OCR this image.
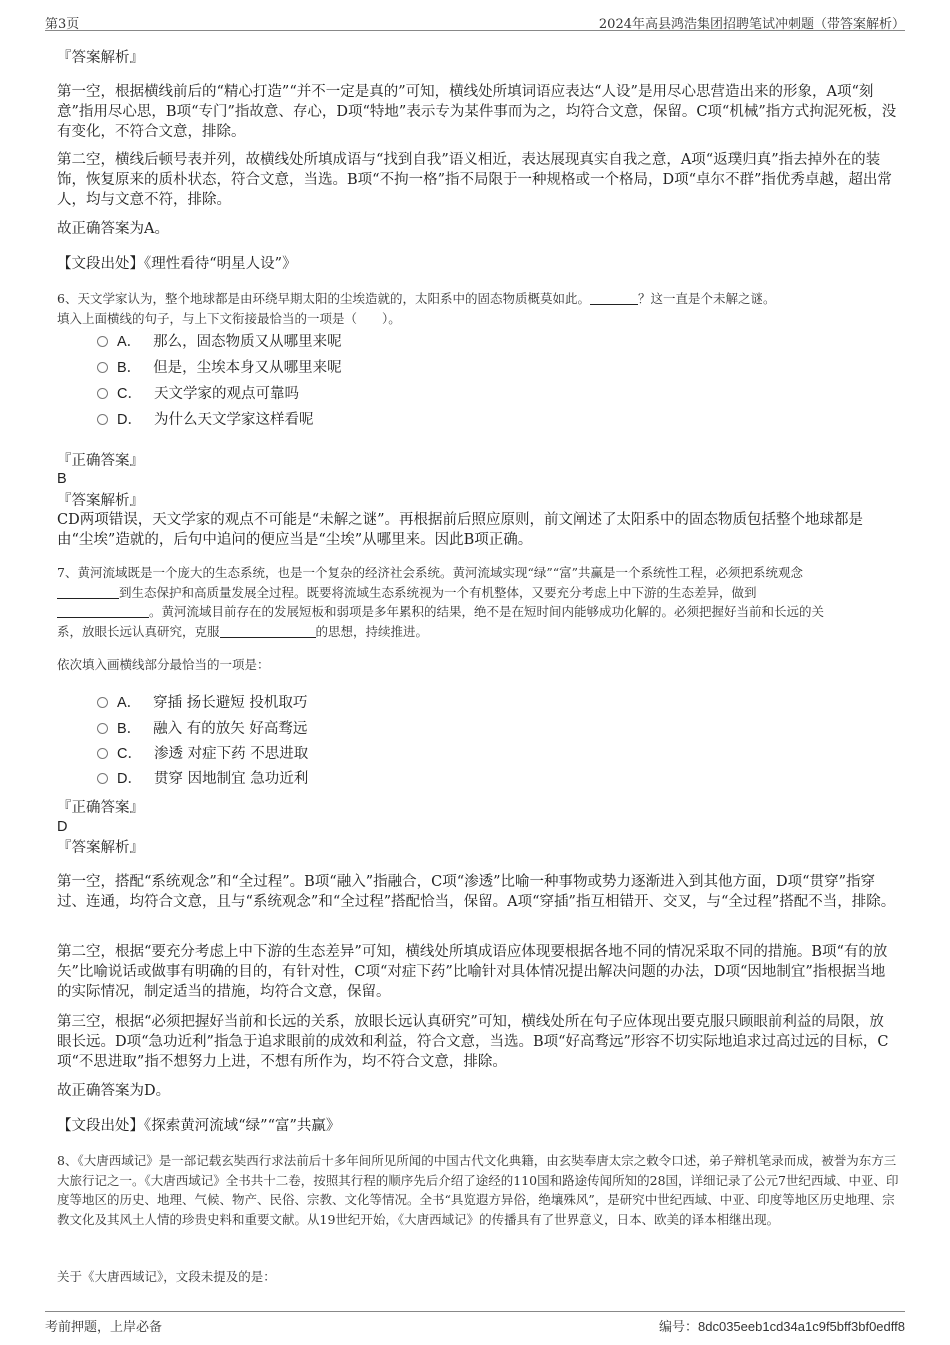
第3页	2024年高县鸿浩集团招聘笔试冲刺题（带答案解析）
『答案解析』
第一空，根据横线前后的“精心打造”“并不一定是真的”可知，横线处所填词语应表达“人设”是用尽心思营造出来的形象，A项“刻意”指用尽心思，B项“专门”指故意、存心，D项“特地”表示专为某件事而为之，均符合文意，保留。C项“机械”指方式拘泥死板，没有变化，不符合文意，排除。
第二空，横线后顿号表并列，故横线处所填成语与“找到自我”语义相近，表达展现真实自我之意，A项“返璞归真”指去掉外在的装饰，恢复原来的质朴状态，符合文意，当选。B项“不拘一格”指不局限于一种规格或一个格局，D项“卓尔不群”指优秀卓越，超出常人，均与文意不符，排除。
故正确答案为A。
【文段出处】《理性看待“明星人设”》

6、天文学家认为，整个地球都是由环绕早期太阳的尘埃造就的，太阳系中的固态物质概莫如此。	？这一直是个未解之谜。

填入上面横线的句子，与上下文衔接最恰当的一项是（　　）。

A． 那么，固态物质又从哪里来呢
B． 但是，尘埃本身又从哪里来呢
C． 天文学家的观点可靠吗
D． 为什么天文学家这样看呢
『正确答案』
B
『答案解析』
CD两项错误，天文学家的观点不可能是“未解之谜”。再根据前后照应原则，前文阐述了太阳系中的固态物质包括整个地球都是由“尘埃”造就的，后句中追问的便应当是“尘埃”从哪里来。因此B项正确。

7、黄河流域既是一个庞大的生态系统，也是一个复杂的经济社会系统。黄河流域实现“绿”“富”共赢是一个系统性工程，必须把系统观念

到生态保护和高质量发展全过程。既要将流域生态系统视为一个有机整体，又要充分考虑上中下游的生态差异，做到

。黄河流域目前存在的发展短板和弱项是多年累积的结果，绝不是在短时间内能够成功化解的。必须把握好当前和长远的关

系，放眼长远认真研究，克服	的思想，持续推进。

依次填入画横线部分最恰当的一项是：
A． 穿插 扬长避短 投机取巧
B． 融入 有的放矢 好高骛远
C． 渗透 对症下药 不思进取
D． 贯穿 因地制宜 急功近利
『正确答案』
D
『答案解析』
第一空，搭配“系统观念”和“全过程”。B项“融入”指融合，C项“渗透”比喻一种事物或势力逐渐进入到其他方面，D项“贯穿”指穿过、连通，均符合文意，且与“系统观念”和“全过程”搭配恰当，保留。A项“穿插”指互相错开、交叉，与“全过程”搭配不当，排除。
第二空，根据“要充分考虑上中下游的生态差异”可知，横线处所填成语应体现要根据各地不同的情况采取不同的措施。B项“有的放矢”比喻说话或做事有明确的目的，有针对性，C项“对症下药”比喻针对具体情况提出解决问题的办法，D项“因地制宜”指根据当地的实际情况，制定适当的措施，均符合文意，保留。
第三空，根据“必须把握好当前和长远的关系，放眼长远认真研究”可知，横线处所在句子应体现出要克服只顾眼前利益的局限，放眼长远。D项“急功近利”指急于追求眼前的成效和利益，符合文意，当选。B项“好高骛远”形容不切实际地追求过高过远的目标，C项“不思进取”指不想努力上进，不想有所作为，均不符合文意，排除。
故正确答案为D。
【文段出处】《探索黄河流域“绿”“富”共赢》
8、《大唐西域记》是一部记载玄奘西行求法前后十多年间所见所闻的中国古代文化典籍，由玄奘奉唐太宗之敕令口述，弟子辩机笔录而成，被誉为东方三大旅行记之一。《大唐西域记》全书共十二卷，按照其行程的顺序先后介绍了途经的110国和路途传闻所知的28国，详细记录了公元7世纪西域、中亚、印度等地区的历史、地理、气候、物产、民俗、宗教、文化等情况。全书“具览遐方异俗，绝壤殊风”，是研究中世纪西域、中亚、印度等地区历史地理、宗教文化及其风土人情的珍贵史料和重要文献。从19世纪开始，《大唐西域记》的传播具有了世界意义，日本、欧美的译本相继出现。
关于《大唐西域记》，文段未提及的是：
考前押题，上岸必备	编号：8dc035eeb1cd34a1c9f5bff3bf0edff8
